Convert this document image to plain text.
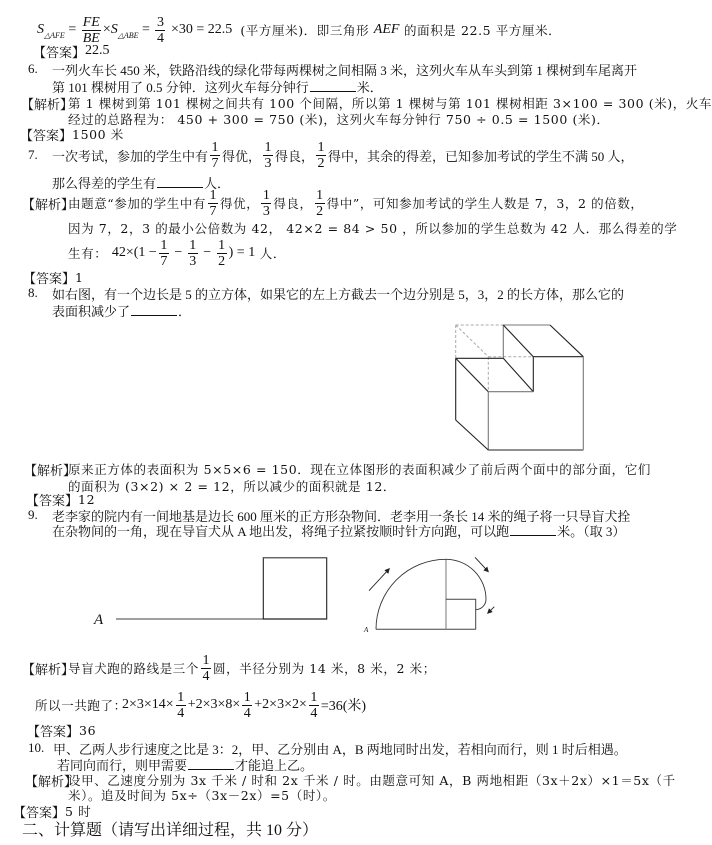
S △AFE = $\frac{FE}{BE} \times S$ △ABE = $\frac{3}{4} \times 30 = 22.5$ (平方厘米)．即三角形 AEF 的面积是 22.5 平方厘米．
【答案】 22.5
6.	一列火车长 450 米，铁路沿线的绿化带每两棵树之间相隔 3 米，这列火车从车头到第 1 棵树到车尾离开
第 101 棵树用了 0.5 分钟．这列火车每分钟行	米．
【解析】
第 1 棵树到第 101 棵树之间共有 100 个间隔，所以第 1 棵树与第 101 棵树相距 3×100 = 300 (米)，火车
经过的总路程为： 450 + 300 = 750 (米)，这列火车每分钟行 750 ÷ 0.5 = 1500 (米)．
【答案】 1500 米
7.	一次考试，参加的学生中有 $\frac{1}{7}$ 得优， $\frac{1}{3}$ 得良， $\frac{1}{2}$ 得中，其余的得差，已知参加考试的学生不满 50 人，
那么得差的学生有	人．
【解析】
由题意“参加的学生中有 $\frac{1}{7}$ 得优， $\frac{1}{3}$ 得良， $\frac{1}{2}$ 得中”，可知参加考试的学生人数是 7，3，2 的倍数，
因为 7，2，3 的最小公倍数为 42， 42×2 = 84 > 50 ，所以参加的学生总数为 42 人．那么得差的学
生有： $42\times(1 - \frac{1}{7} - \frac{1}{3} - \frac{1}{2}$ ) = 1 人．
【答案】 1
8.	如右图，有一个边长是 5 的立方体，如果它的左上方截去一个边分别是 5，3，2 的长方体，那么它的
表面积减少了	．
【解析】
原来正方体的表面积为 5×5×6 = 150．现在立体图形的表面积减少了前后两个面中的部分面，它们
的面积为 (3×2) × 2 = 12，所以减少的面积就是 12．
【答案】 12
9.	老李家的院内有一间地基是边长 600 厘米的正方形杂物间．老李用一条长 14 米的绳子将一只导盲犬拴
在杂物间的一角，现在导盲犬从 A 地出发，将绳子拉紧按顺时针方向跑，可以跑	米。（取 3）
A
A
【解析】
导盲犬跑的路线是三个 $\frac{1}{4}$ 圆，半径分别为 14 米，8 米，2 米；
所以一共跑了：
$2\times 3\times 14\times \frac{1}{4} +2\times 3\times 8\times \frac{1}{4} +2\times 3\times 2\times \frac{1}{4} =36$(米)
【答案】 36
10. 甲、乙两人步行速度之比是 3：2，甲、乙分别由 A，B 两地同时出发，若相向而行，则 1 时后相遇。
若同向而行，则甲需要	才能追上乙。
【解析】
设甲、乙速度分别为 3x 千米 / 时和 2x 千米 / 时。由题意可知 A，B 两地相距（3x＋2x）×1＝5x（千
米）。追及时间为 5x÷（3x－2x）=5（时）。
【答案】 5 时
二、计算题（请写出详细过程，共 10 分）
